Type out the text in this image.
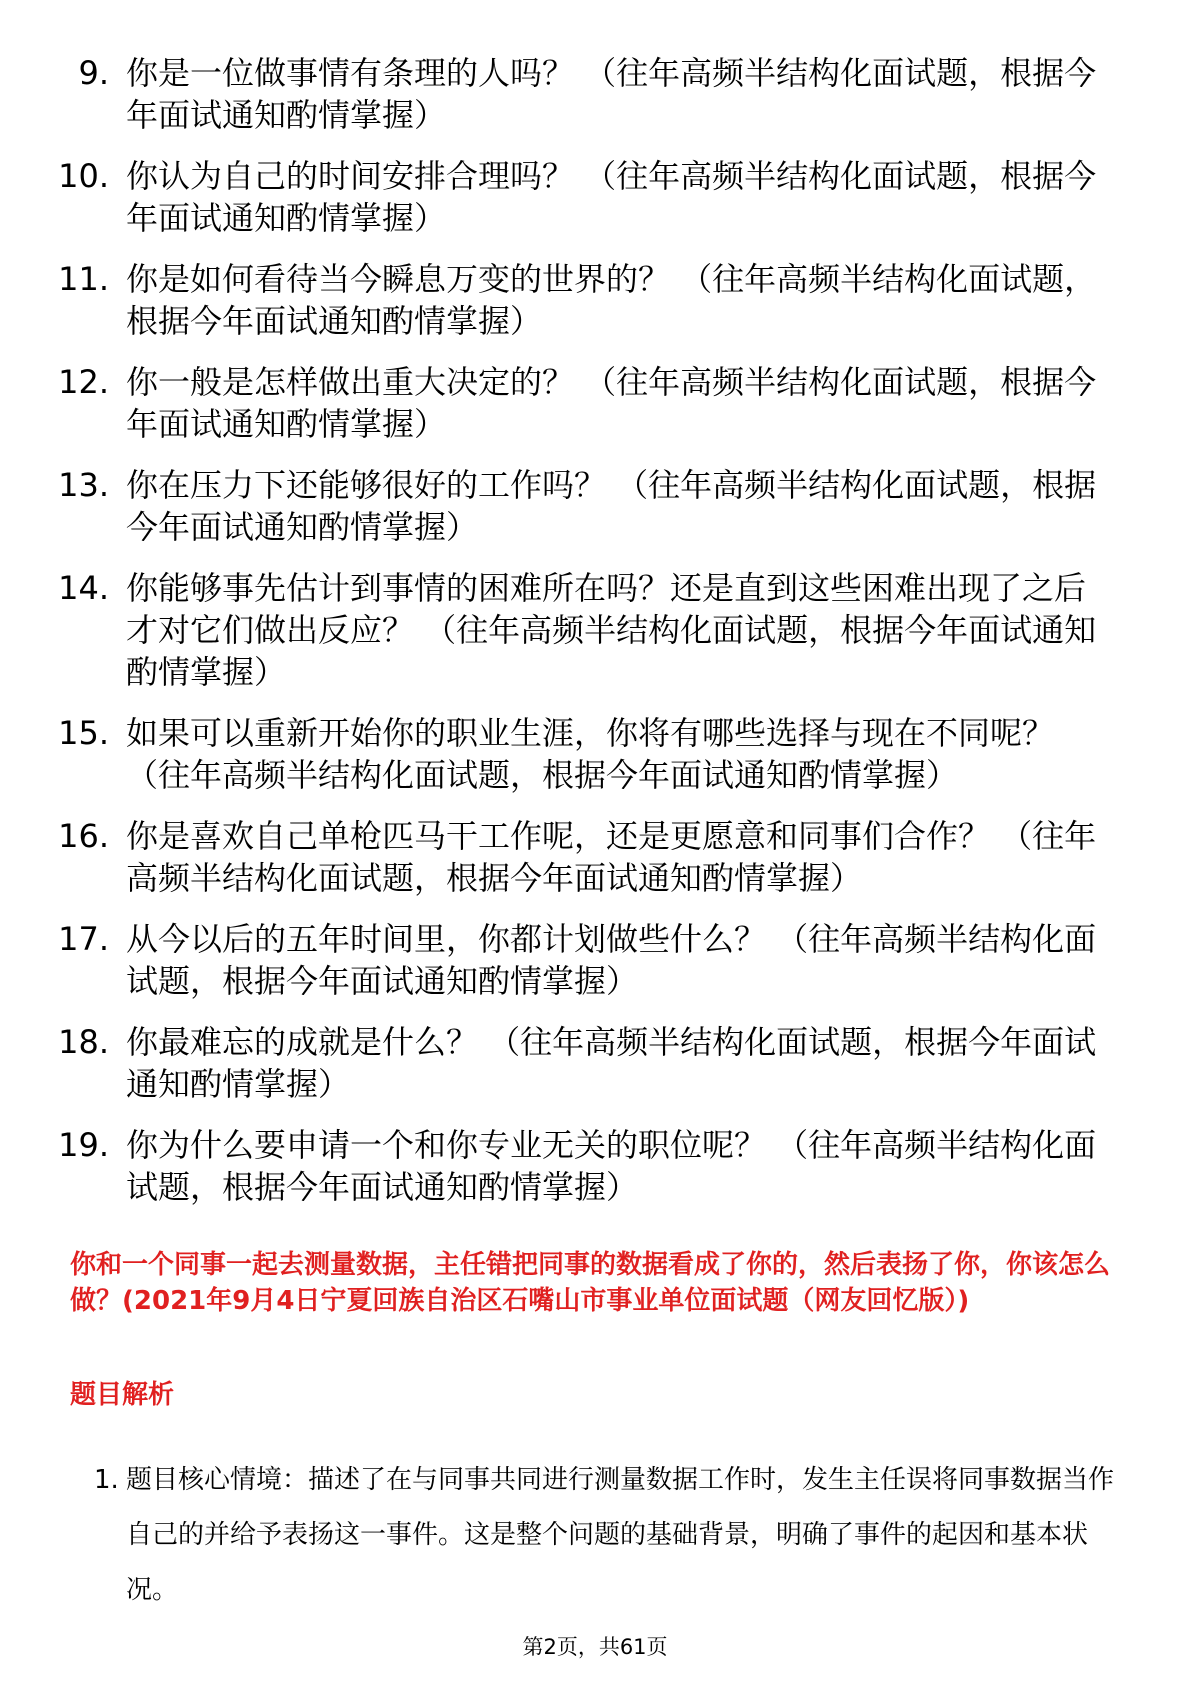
9. 你是一位做事情有条理的人吗？ （往年高频半结构化面试题，根据今年面试通知酌情掌握）
10. 你认为自己的时间安排合理吗？ （往年高频半结构化面试题，根据今年面试通知酌情掌握）
11. 你是如何看待当今瞬息万变的世界的？ （往年高频半结构化面试题，根据今年面试通知酌情掌握）
12. 你一般是怎样做出重大决定的？ （往年高频半结构化面试题，根据今年面试通知酌情掌握）
13. 你在压力下还能够很好的工作吗？ （往年高频半结构化面试题，根据今年面试通知酌情掌握）
14. 你能够事先估计到事情的困难所在吗？还是直到这些困难出现了之后才对它们做出反应？ （往年高频半结构化面试题，根据今年面试通知酌情掌握）
15. 如果可以重新开始你的职业生涯，你将有哪些选择与现在不同呢？ （往年高频半结构化面试题，根据今年面试通知酌情掌握）
16. 你是喜欢自己单枪匹马干工作呢，还是更愿意和同事们合作？ （往年高频半结构化面试题，根据今年面试通知酌情掌握）
17. 从今以后的五年时间里，你都计划做些什么？ （往年高频半结构化面试题，根据今年面试通知酌情掌握）
18. 你最难忘的成就是什么？ （往年高频半结构化面试题，根据今年面试通知酌情掌握）
19. 你为什么要申请一个和你专业无关的职位呢？ （往年高频半结构化面试题，根据今年面试通知酌情掌握）
你和一个同事一起去测量数据，主任错把同事的数据看成了你的，然后表扬了你，你该怎么做？(2021年9月4日宁夏回族自治区石嘴山市事业单位面试题（网友回忆版）)
题目解析
1. 题目核心情境：描述了在与同事共同进行测量数据工作时，发生主任误将同事数据当作自己的并给予表扬这一事件。这是整个问题的基础背景，明确了事件的起因和基本状况。
第2页，共61页
